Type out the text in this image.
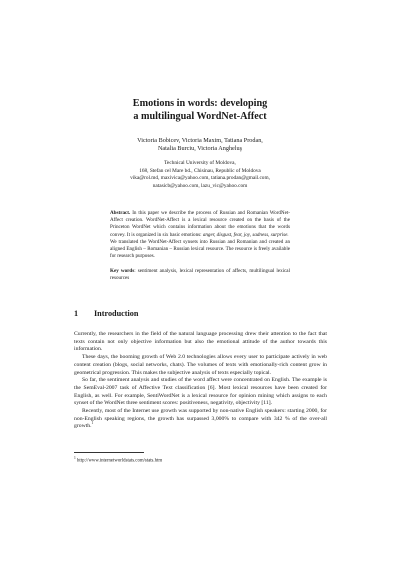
Emotions in words: developing
a multilingual WordNet-Affect
Victoria Bobicev, Victoria Maxim, Tatiana Prodan,
Natalia Burciu, Victoria Angheluş
Technical University of Moldova,
168, Stefan cel Mare bd., Chisinau, Republic of Moldova
vika@rol.md, maxivica@yahoo.com, tatiana.prodan@gmail.com,
natasicb@yahoo.com, lazu_vic@yahoo.com
Abstract. In this paper we describe the process of Russian and Romanian WordNet-Affect creation. WordNet-Affect is a lexical resource created on the basis of the Princeton WordNet which contains information about the emotions that the words convey. It is organized in six basic emotions: anger, disgust, fear, joy, sadness, surprise.
We translated the WordNet-Affect synsets into Russian and Romanian and created an aligned English – Romanian – Russian lexical resource. The resource is freely available for research purposes.
Key words: sentiment analysis, lexical representation of affects, multilingual lexical resources
1 Introduction

Currently, the researchers in the field of the natural language processing drew their attention to the fact that texts contain not only objective information but also the emotional attitude of the author towards this information.

These days, the booming growth of Web 2.0 technologies allows every user to participate actively in web content creation (blogs, social networks, chats). The volumes of texts with emotionally-rich content grow in geometrical progression. This makes the subjective analysis of texts especially topical.

So far, the sentiment analysis and studies of the word affect were concentrated on English. The example is the SemEval-2007 task of Affective Text classification [6]. Most lexical resources have been created for English, as well. For example, SentiWordNet is a lexical resource for opinion mining which assigns to each synset of the WordNet three sentiment scores: positiveness, negativity, objectivity [11].

Recently, most of the Internet use growth was supported by non-native English speakers: starting 2000, for non-English speaking regions, the growth has surpassed 3,000% to compare with 342 % of the over-all growth.$^1$

$^1$ http://www.internetworldstats.com/stats.htm
